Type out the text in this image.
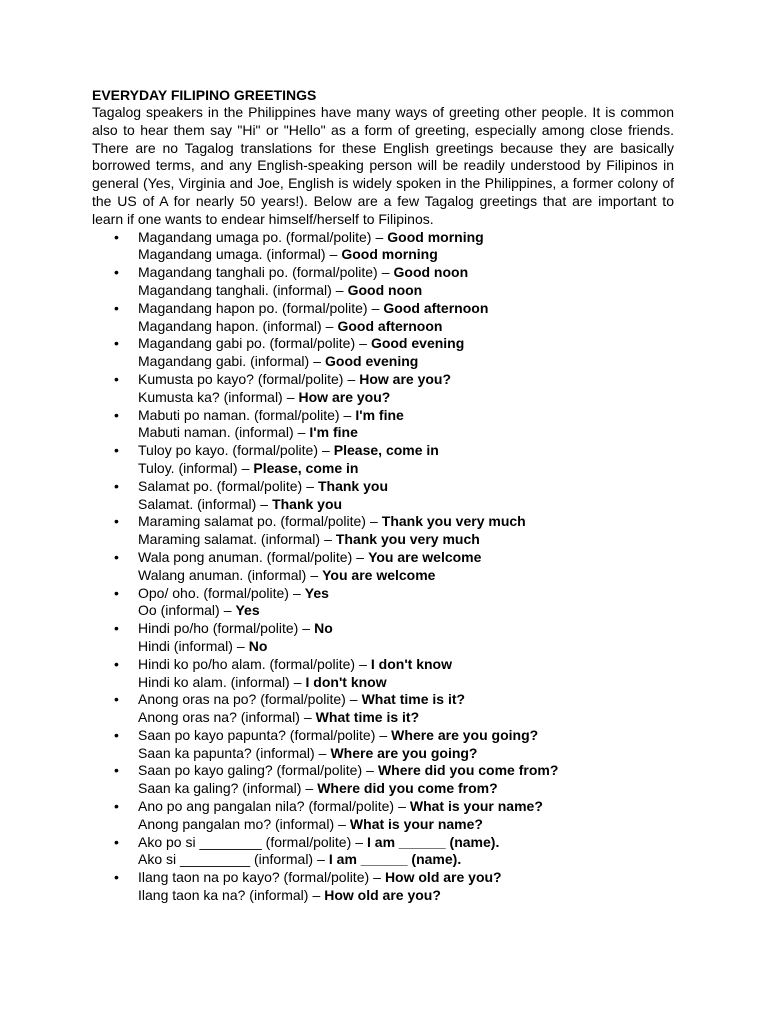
EVERYDAY FILIPINO GREETINGS

Tagalog speakers in the Philippines have many ways of greeting other people. It is common also to hear them say "Hi" or "Hello" as a form of greeting, especially among close friends. There are no Tagalog translations for these English greetings because they are basically borrowed terms, and any English-speaking person will be readily understood by Filipinos in general (Yes, Virginia and Joe, English is widely spoken in the Philippines, a former colony of the US of A for nearly 50 years!). Below are a few Tagalog greetings that are important to learn if one wants to endear himself/herself to Filipinos.

• Magandang umaga po. (formal/polite) – Good morning
Magandang umaga. (informal) – Good morning
• Magandang tanghali po. (formal/polite) – Good noon
Magandang tanghali. (informal) – Good noon
• Magandang hapon po. (formal/polite) – Good afternoon
Magandang hapon. (informal) – Good afternoon
• Magandang gabi po. (formal/polite) – Good evening
Magandang gabi. (informal) – Good evening
• Kumusta po kayo? (formal/polite) – How are you?
Kumusta ka? (informal) – How are you?
• Mabuti po naman. (formal/polite) – I'm fine
Mabuti naman. (informal) – I'm fine
• Tuloy po kayo. (formal/polite) – Please, come in
Tuloy. (informal) – Please, come in
• Salamat po. (formal/polite) – Thank you
Salamat. (informal) – Thank you
• Maraming salamat po. (formal/polite) – Thank you very much
Maraming salamat. (informal) – Thank you very much
• Wala pong anuman. (formal/polite) – You are welcome
Walang anuman. (informal) – You are welcome
• Opo/ oho. (formal/polite) – Yes
Oo (informal) – Yes
• Hindi po/ho (formal/polite) – No
Hindi (informal) – No
• Hindi ko po/ho alam. (formal/polite) – I don't know
Hindi ko alam. (informal) – I don't know
• Anong oras na po? (formal/polite) – What time is it?
Anong oras na? (informal) – What time is it?
• Saan po kayo papunta? (formal/polite) – Where are you going?
Saan ka papunta? (informal) – Where are you going?
• Saan po kayo galing? (formal/polite) – Where did you come from?
Saan ka galing? (informal) – Where did you come from?
• Ano po ang pangalan nila? (formal/polite) – What is your name?
Anong pangalan mo? (informal) – What is your name?
• Ako po si ________ (formal/polite) – I am ______ (name).
Ako si _________ (informal) – I am ______ (name).
• Ilang taon na po kayo? (formal/polite) – How old are you?
Ilang taon ka na? (informal) – How old are you?
